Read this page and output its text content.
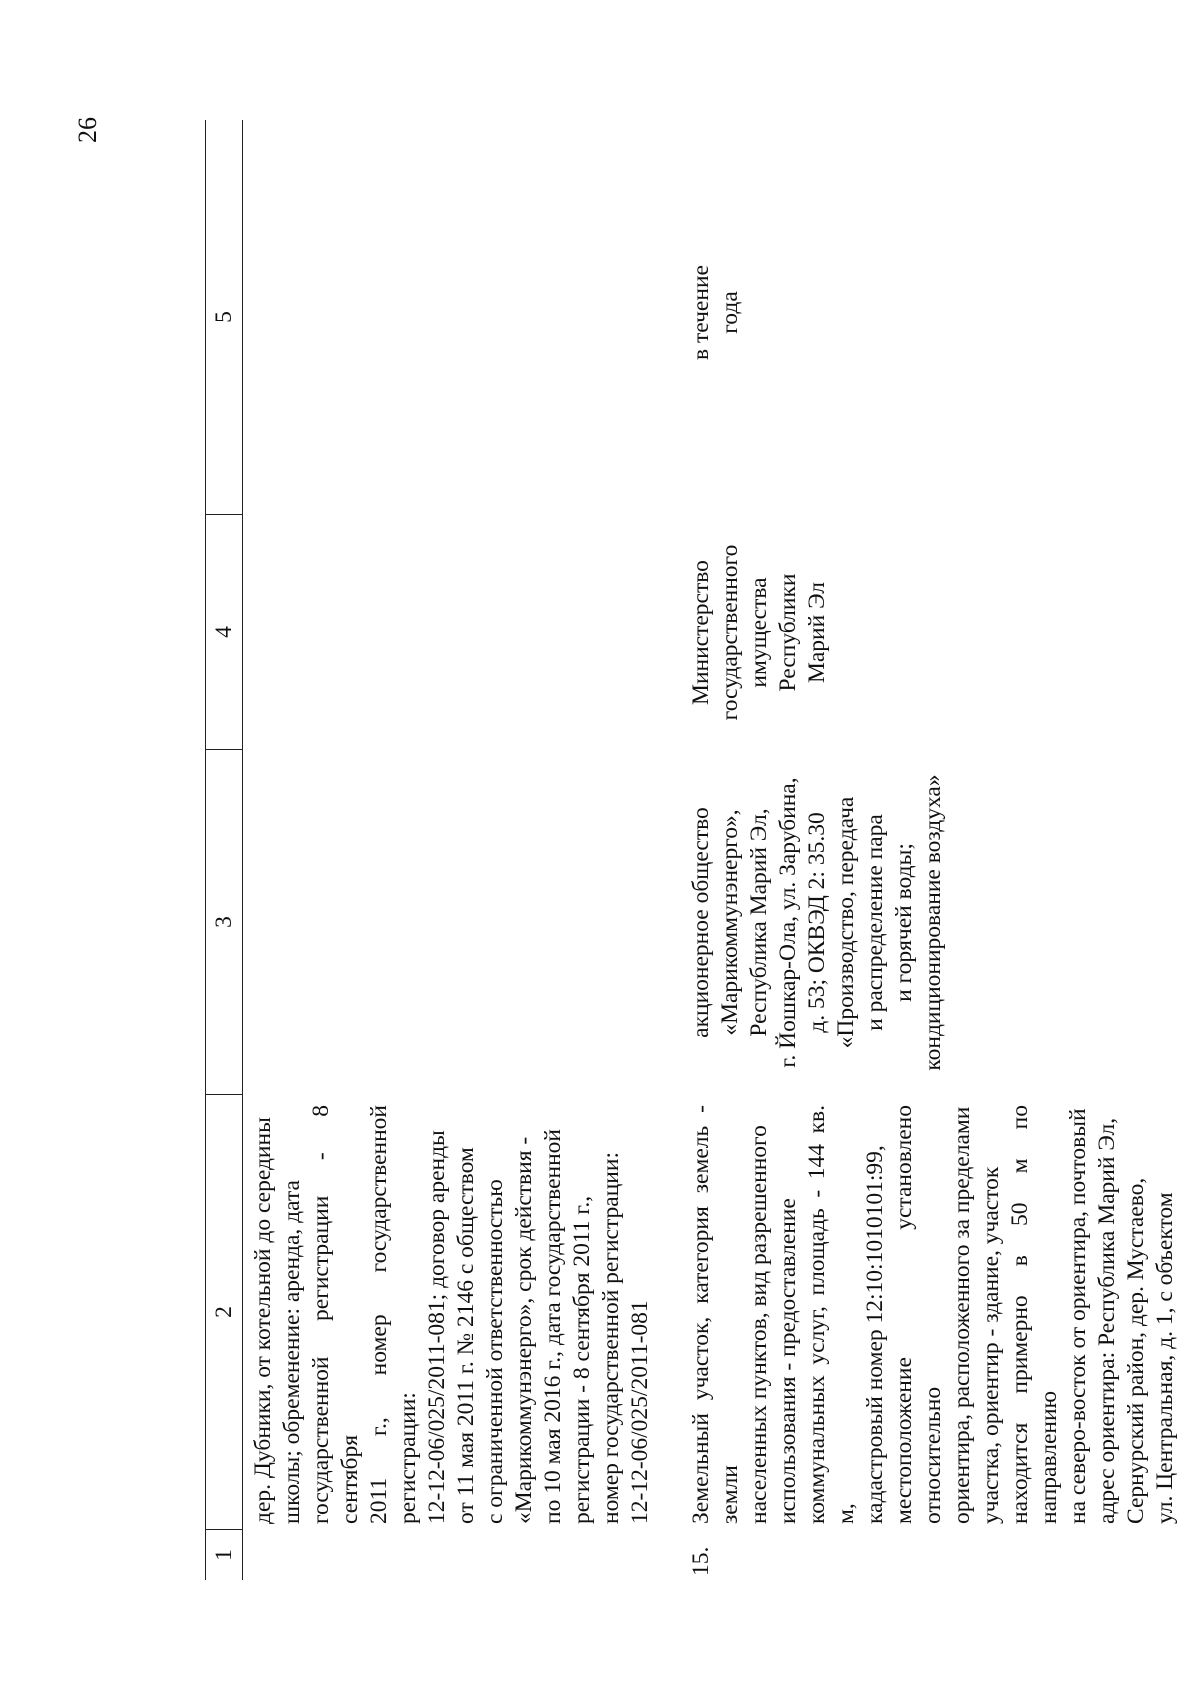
26
1
2
3
4
5
дер. Дубники, от котельной до середины школы; обременение: аренда, дата государственной регистрации - 8 сентября 2011 г., номер государственной регистрации: 12-12-06/025/2011-081; договор аренды от 11 мая 2011 г. № 2146 с обществом с ограниченной ответственностью «Марикоммунэнерго», срок действия - по 10 мая 2016 г., дата государственной регистрации - 8 сентября 2011 г., номер государственной регистрации: 12-12-06/025/2011-081
15.
Земельный участок, категория земель - земли населенных пунктов, вид разрешенного использования - предоставление коммунальных услуг, площадь - 144 кв. м, кадастровый номер 12:10:1010101:99, местоположение установлено относительно ориентира, расположенного за пределами участка, ориентир - здание, участок находится примерно в 50 м по направлению на северо-восток от ориентира, почтовый адрес ориентира: Республика Марий Эл, Сернурский район, дер. Мустаево, ул. Центральная, д. 1, с объектом
акционерное общество «Марикоммунэнерго», Республика Марий Эл, г. Йошкар-Ола, ул. Зарубина, д. 53; ОКВЭД 2: 35.30 «Производство, передача и распределение пара и горячей воды; кондиционирование воздуха»
Министерство государственного имущества Республики Марий Эл
в течение года
